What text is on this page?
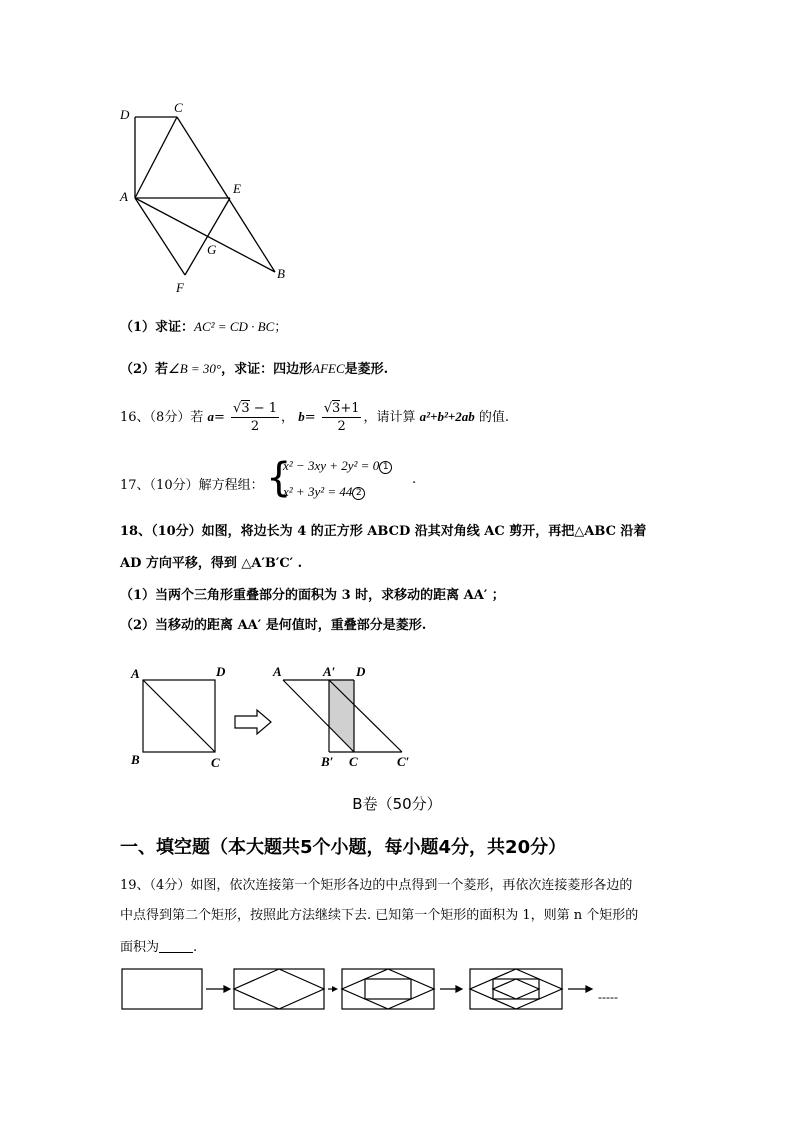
D	C
A
E
G
B
F
（1）求证：AC² = CD · BC；
（2）若∠B = 30°，求证：四边形AFEC是菱形.
16、（8分）若 $a= \frac{√3 - 1}{2}$ ， $b= \frac{√3+1}{2}$ ，请计算 a²+b²+2ab 的值.
17、（10分）解方程组： {
x² − 3xy + 2y² = 0 1
x² + 3y² = 44 2
.
18、（10分）如图，将边长为 4 的正方形 ABCD 沿其对角线 AC 剪开，再把△ABC 沿着
AD 方向平移，得到 △A′B′C′ .
（1）当两个三角形重叠部分的面积为 3 时，求移动的距离 AA′ ；
（2）当移动的距离 AA′ 是何值时，重叠部分是菱形.
A	D
B	C
A	A′ D
B′ C	C′
B卷（50分）
一、填空题（本大题共5个小题，每小题4分，共20分）
19、（4分）如图，依次连接第一个矩形各边的中点得到一个菱形，再依次连接菱形各边的
中点得到第二个矩形，按照此方法继续下去. 已知第一个矩形的面积为 1，则第 n 个矩形的
面积为	.
-----
